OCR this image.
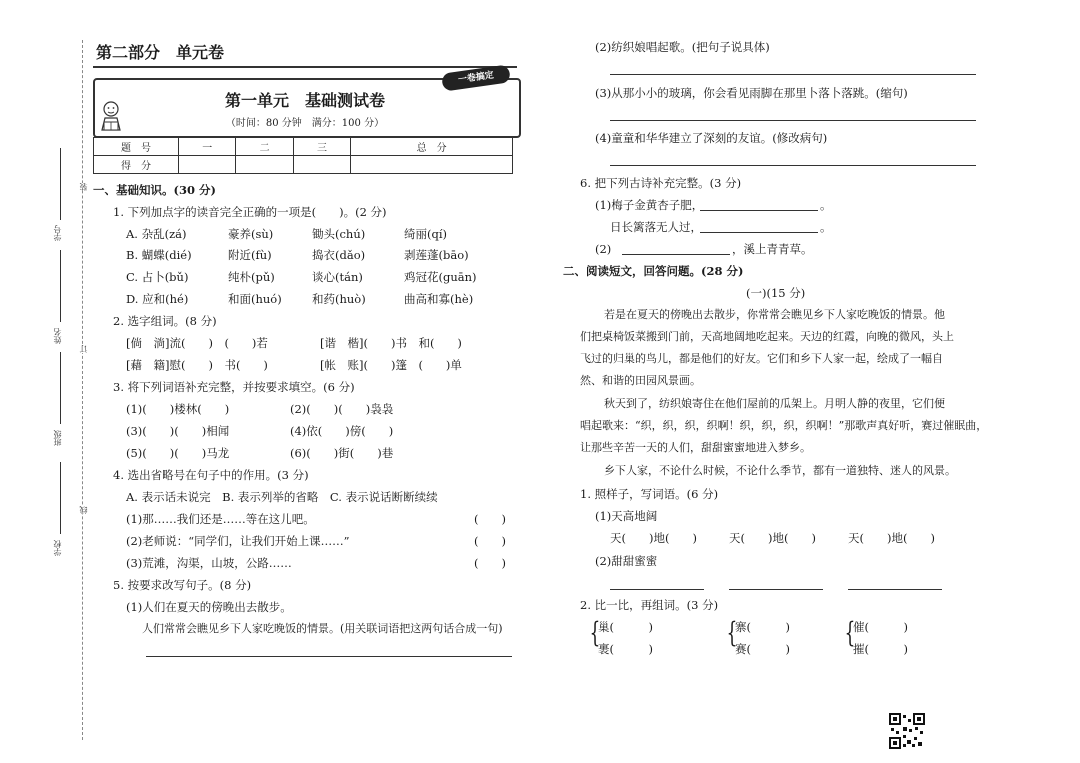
学号
姓名
班级
学校
装
订
线
第二部分　单元卷
一卷搞定
第一单元　基础测试卷
（时间：80 分钟　满分：100 分）
题　号	一	二	三	总　分
得　分				
一、基础知识。(30 分)
1. 下列加点字的读音完全正确的一项是(　　)。(2 分)
A. 杂乱(zá)	豪养(sù)	锄头(chú)	绮丽(qí)
B. 蝴蝶(dié)	附近(fù)	捣衣(dǎo)	剥莲蓬(bāo)
C. 占卜(bǔ)	纯朴(pǔ)	谈心(tán)	鸡冠花(guān)
D. 应和(hé)	和面(huó)	和药(huò)	曲高和寡(hè)
2. 选字组词。(8 分)
[倘　淌]流(　　)　(　　)若	[谐　楷](　　)书　和(　　)
[藉　籍]慰(　　)　书(　　)	[帐　账](　　)篷　(　　)单
3. 将下列词语补充完整，并按要求填空。(6 分)
(1)(　　)楼林(　　)	(2)(　　)(　　)袅袅
(3)(　　)(　　)相闻	(4)依(　　)傍(　　)
(5)(　　)(　　)马龙	(6)(　　)街(　　)巷
4. 选出省略号在句子中的作用。(3 分)
A. 表示话未说完　B. 表示列举的省略　C. 表示说话断断续续
(1)那……我们还是……等在这儿吧。	(　　)
(2)老师说：“同学们，让我们开始上课……”	(　　)
(3)荒滩，沟渠，山坡，公路……	(　　)
5. 按要求改写句子。(8 分)
(1)人们在夏天的傍晚出去散步。
人们常常会瞧见乡下人家吃晚饭的情景。(用关联词语把这两句话合成一句)
(2)纺织娘唱起歌。(把句子说具体)
(3)从那小小的玻璃，你会看见雨脚在那里卜落卜落跳。(缩句)
(4)童童和华华建立了深刻的友谊。(修改病句)
6. 把下列古诗补充完整。(3 分)
(1)梅子金黄杏子肥，	。
日长篱落无人过，	。
(2)	，溪上青青草。
二、阅读短文，回答问题。(28 分)
(一)(15 分)
若是在夏天的傍晚出去散步，你常常会瞧见乡下人家吃晚饭的情景。他
们把桌椅饭菜搬到门前，天高地阔地吃起来。天边的红霞，向晚的微风，头上
飞过的归巢的鸟儿，都是他们的好友。它们和乡下人家一起，绘成了一幅自
然、和谐的田园风景画。
秋天到了，纺织娘寄住在他们屋前的瓜架上。月明人静的夜里，它们便
唱起歌来：“织，织，织，织啊！织，织，织，织啊！”那歌声真好听，赛过催眠曲，
让那些辛苦一天的人们，甜甜蜜蜜地进入梦乡。
乡下人家，不论什么时候，不论什么季节，都有一道独特、迷人的风景。
1. 照样子，写词语。(6 分)
(1)天高地阔
天(　　)地(　　)	天(　　)地(　　)	天(　　)地(　　)
(2)甜甜蜜蜜
2. 比一比，再组词。(3 分)
{
巢(　　　)
裹(　　　)	{
寨(　　　)
赛(　　　) {
催(　　　)
摧(　　　)
